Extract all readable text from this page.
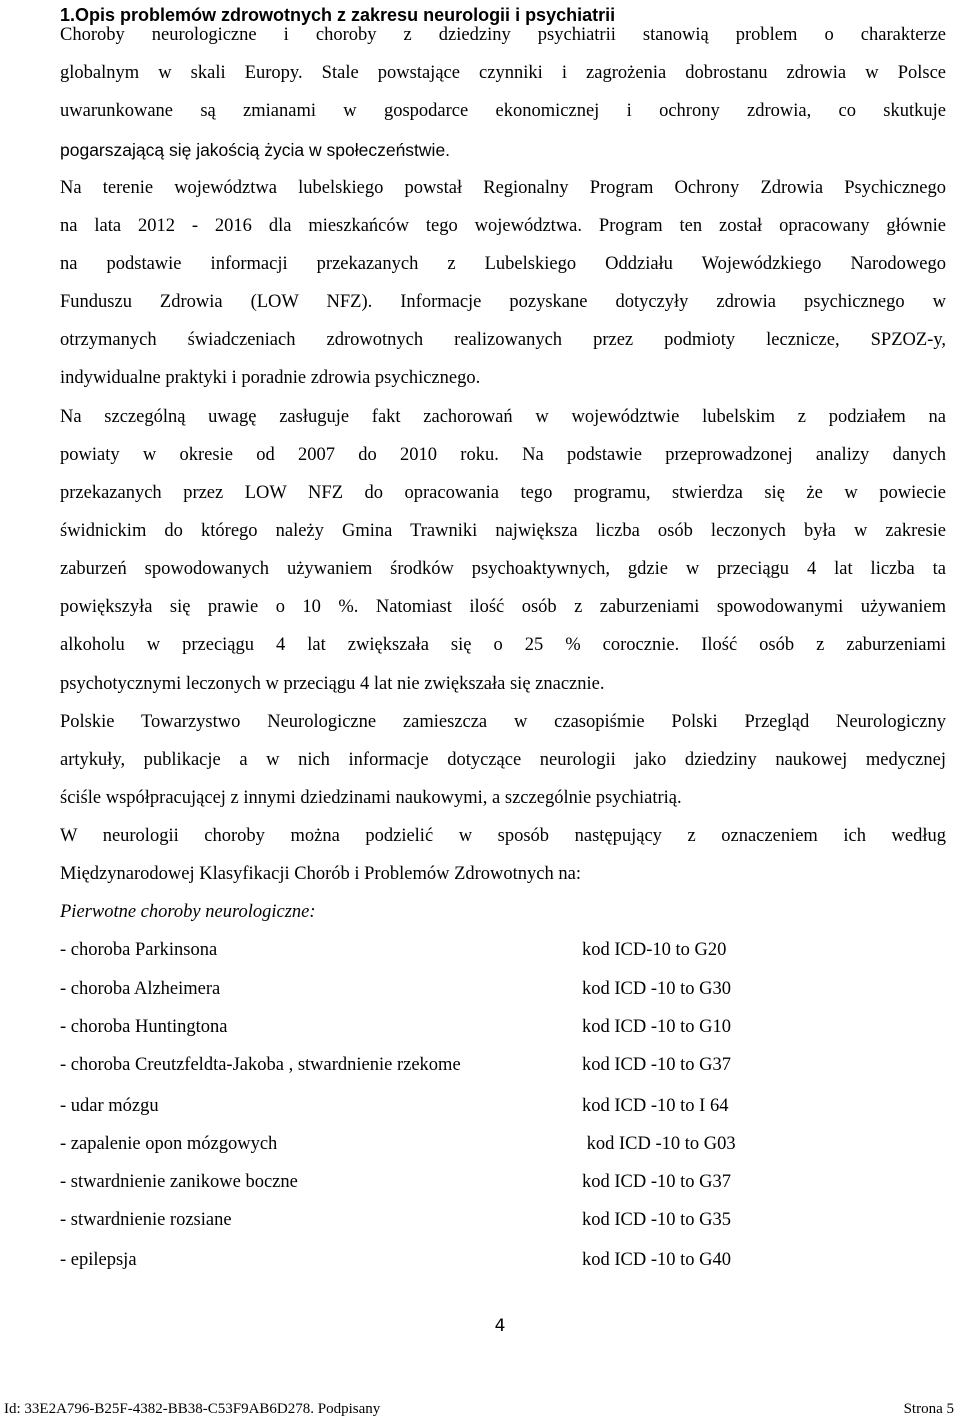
1.Opis problemów zdrowotnych z zakresu neurologii i psychiatrii
Choroby neurologiczne i choroby z dziedziny psychiatrii stanowią problem o charakterze
globalnym w skali Europy. Stale powstające czynniki i zagrożenia dobrostanu zdrowia w Polsce
uwarunkowane są zmianami w gospodarce ekonomicznej i ochrony zdrowia, co skutkuje
pogarszającą się jakością życia w społeczeństwie.
Na terenie województwa lubelskiego powstał Regionalny Program Ochrony Zdrowia Psychicznego
na lata 2012 - 2016 dla mieszkańców tego województwa. Program ten został opracowany głównie
na podstawie informacji przekazanych z Lubelskiego Oddziału Wojewódzkiego Narodowego
Funduszu Zdrowia (LOW NFZ). Informacje pozyskane dotyczyły zdrowia psychicznego w
otrzymanych świadczeniach zdrowotnych realizowanych przez podmioty lecznicze, SPZOZ-y,
indywidualne praktyki i poradnie zdrowia psychicznego.
Na szczególną uwagę zasługuje fakt zachorowań w województwie lubelskim z podziałem na
powiaty w okresie od 2007 do 2010 roku. Na podstawie przeprowadzonej analizy danych
przekazanych przez LOW NFZ do opracowania tego programu, stwierdza się że w powiecie
świdnickim do którego należy Gmina Trawniki największa liczba osób leczonych była w zakresie
zaburzeń spowodowanych używaniem środków psychoaktywnych, gdzie w przeciągu 4 lat liczba ta
powiększyła się prawie o 10 %. Natomiast ilość osób z zaburzeniami spowodowanymi używaniem
alkoholu w przeciągu 4 lat zwiększała się o 25 % corocznie. Ilość osób z zaburzeniami
psychotycznymi leczonych w przeciągu 4 lat nie zwiększała się znacznie.
Polskie Towarzystwo Neurologiczne zamieszcza w czasopiśmie Polski Przegląd Neurologiczny
artykuły, publikacje a w nich informacje dotyczące neurologii jako dziedziny naukowej medycznej
ściśle współpracującej z innymi dziedzinami naukowymi, a szczególnie psychiatrią.
W neurologii choroby można podzielić w sposób następujący z oznaczeniem ich według
Międzynarodowej Klasyfikacji Chorób i Problemów Zdrowotnych na:
Pierwotne choroby neurologiczne:
- choroba Parkinsona	kod ICD-10 to G20
- choroba Alzheimera	kod ICD -10 to G30
- choroba Huntingtona	kod ICD -10 to G10
- choroba Creutzfeldta-Jakoba , stwardnienie rzekome	kod ICD -10 to G37
- udar mózgu	kod ICD -10 to I 64
- zapalenie opon mózgowych	kod ICD -10 to G03
- stwardnienie zanikowe boczne	kod ICD -10 to G37
- stwardnienie rozsiane	kod ICD -10 to G35
- epilepsja	kod ICD -10 to G40
4
Id: 33E2A796-B25F-4382-BB38-C53F9AB6D278. Podpisany	Strona 5
